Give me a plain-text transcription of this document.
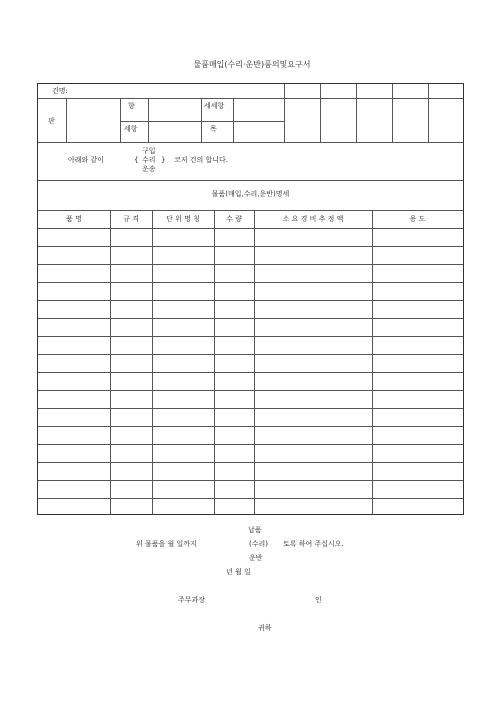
물품매입(수리·운반)품의및요구서
건명:
판
향	세세항
세항	목
아래와 같이	{
구입
수리
운송
} 코저 건의 합니다.
물품(매입,수리,운반)명세
품 명	규 격	단 위 명 칭	수 량	소 요 경 비 추 정 액	용 도
납품
위 물품을 월 일까지	(수리) 토록 하여 주십시오.
운반
년 월 일
주무과장	인
귀하
